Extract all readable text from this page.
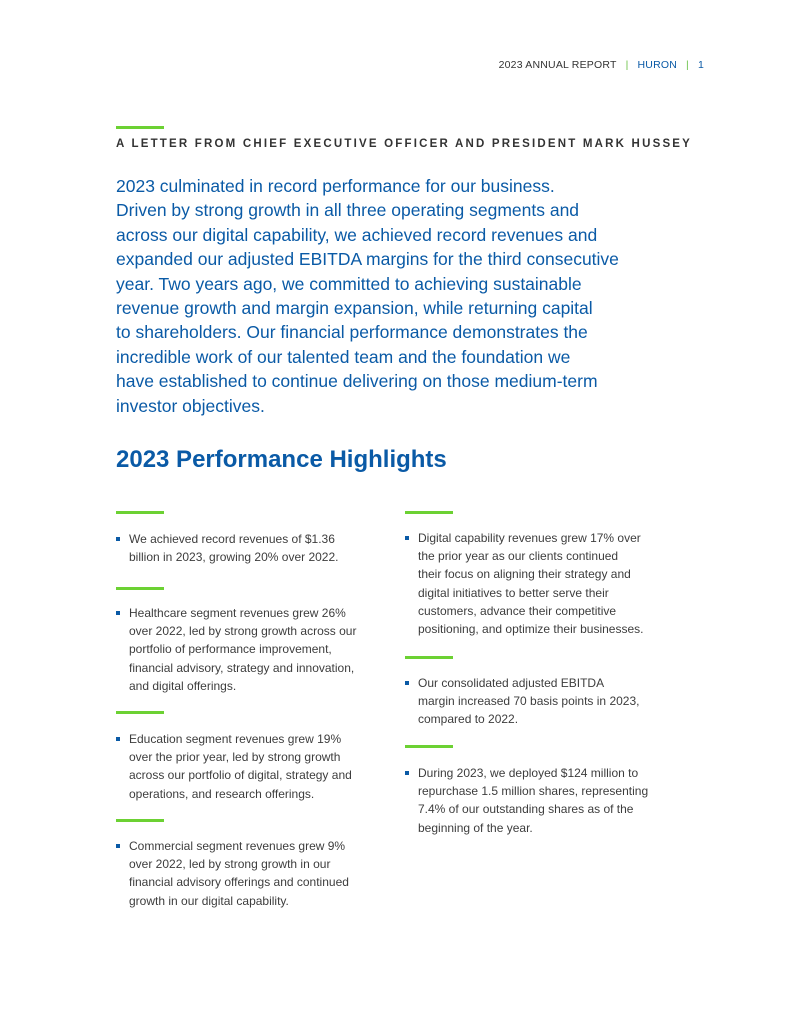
2023 ANNUAL REPORT | HURON | 1
A LETTER FROM CHIEF EXECUTIVE OFFICER AND PRESIDENT MARK HUSSEY

2023 culminated in record performance for our business.

Driven by strong growth in all three operating segments and

across our digital capability, we achieved record revenues and

expanded our adjusted EBITDA margins for the third consecutive

year. Two years ago, we committed to achieving sustainable

revenue growth and margin expansion, while returning capital

to shareholders. Our financial performance demonstrates the

incredible work of our talented team and the foundation we

have established to continue delivering on those medium-term

investor objectives.

2023 Performance Highlights
We achieved record revenues of $1.36
billion in 2023, growing 20% over 2022.
Healthcare segment revenues grew 26%
over 2022, led by strong growth across our
portfolio of performance improvement,
financial advisory, strategy and innovation,
and digital offerings.
Education segment revenues grew 19%
over the prior year, led by strong growth
across our portfolio of digital, strategy and
operations, and research offerings.
Commercial segment revenues grew 9%
over 2022, led by strong growth in our
financial advisory offerings and continued
growth in our digital capability.
Digital capability revenues grew 17% over
the prior year as our clients continued
their focus on aligning their strategy and
digital initiatives to better serve their
customers, advance their competitive
positioning, and optimize their businesses.
Our consolidated adjusted EBITDA
margin increased 70 basis points in 2023,
compared to 2022.
During 2023, we deployed $124 million to
repurchase 1.5 million shares, representing
7.4% of our outstanding shares as of the
beginning of the year.
